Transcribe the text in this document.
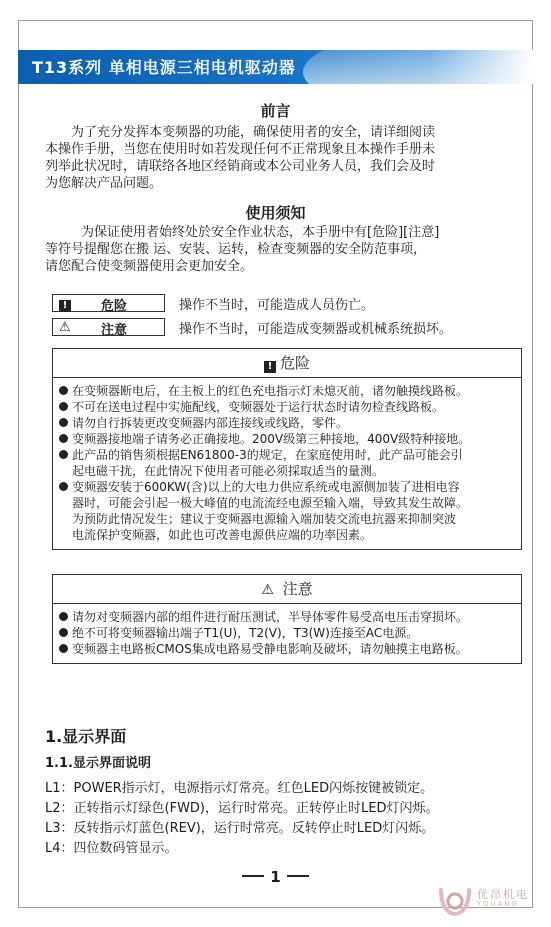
T13系列 单相电源三相电机驱动器
前言
为了充分发挥本变频器的功能，确保使用者的安全，请详细阅读
本操作手册，当您在使用时如若发现任何不正常现象且本操作手册未
列举此状况时，请联络各地区经销商或本公司业务人员，我们会及时
为您解决产品问题。
使用须知
为保证使用者始终处於安全作业状态，本手册中有[危险][注意]
等符号提醒您在搬 运、安装、运转，检查变频器的安全防范事项，
请您配合使变频器使用会更加安全。
!	危险	操作不当时，可能造成人员伤亡。
⚠ 注意	操作不当时，可能造成变频器或机械系统损坏。
! 危险
在变频器断电后，在主板上的红色充电指示灯未熄灭前，诸勿触摸线路板。
不可在送电过程中实施配线，变频器处于运行状态时请勿检查线路板。
请勿自行拆装更改变频器内部连接线或线路，零件。
变频器接地端子请务必正确接地。200V级第三种接地，400V级特种接地。
此产品的销售须根据EN61800-3的规定，在家庭使用时，此产品可能会引
起电磁干扰，在此情况下使用者可能必须採取适当的量测。
变频器安装于600KW(含)以上的大电力供应系统或电源侧加装了进相电容
器时，可能会引起一极大峰值的电流流经电源至输入端，导致其发生故障。
为预防此情况发生；建议于变频器电源输入端加装交流电抗器来抑制突波
电流保护变频器，如此也可改善电源供应端的功率因素。
⚠ 注意
请勿对变频器内部的组件进行耐压测试，半导体零件易受高电压击穿损坏。
绝不可将变频器输出端子T1(U)，T2(V)，T3(W)连接至AC电源。
变频器主电路板CMOS集成电路易受静电影响及破坏，请勿触摸主电路板。
1.显示界面
1.1.显示界面说明
L1：POWER指示灯，电源指示灯常亮。红色LED闪烁按键被锁定。
L2：正转指示灯绿色(FWD)，运行时常亮。正转停止时LED灯闪烁。
L3：反转指示灯蓝色(REV)，运行时常亮。反转停止时LED灯闪烁。
L4：四位数码管显示。
1
优昂机电
YOUANG
